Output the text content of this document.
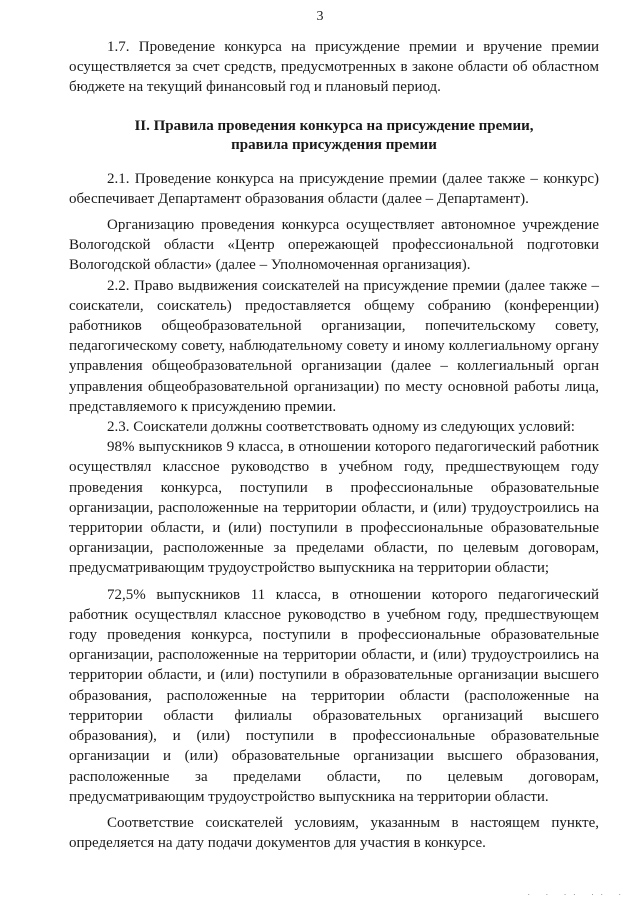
3

1.7. Проведение конкурса на присуждение премии и вручение премии осуществляется за счет средств, предусмотренных в законе области об областном бюджете на текущий финансовый год и плановый период.

II. Правила проведения конкурса на присуждение премии,
правила присуждения премии

2.1. Проведение конкурса на присуждение премии (далее также – конкурс) обеспечивает Департамент образования области (далее – Департамент).

Организацию проведения конкурса осуществляет автономное учреждение Вологодской области «Центр опережающей профессиональной подготовки Вологодской области» (далее – Уполномоченная организация).

2.2. Право выдвижения соискателей на присуждение премии (далее также – соискатели, соискатель) предоставляется общему собранию (конференции) работников общеобразовательной организации, попечительскому совету, педагогическому совету, наблюдательному совету и иному коллегиальному органу управления общеобразовательной организации (далее – коллегиальный орган управления общеобразовательной организации) по месту основной работы лица, представляемого к присуждению премии.

2.3. Соискатели должны соответствовать одному из следующих условий:

98% выпускников 9 класса, в отношении которого педагогический работник осуществлял классное руководство в учебном году, предшествующем году проведения конкурса, поступили в профессиональные образовательные организации, расположенные на территории области, и (или) трудоустроились на территории области, и (или) поступили в профессиональные образовательные организации, расположенные за пределами области, по целевым договорам, предусматривающим трудоустройство выпускника на территории области;

72,5% выпускников 11 класса, в отношении которого педагогический работник осуществлял классное руководство в учебном году, предшествующем году проведения конкурса, поступили в профессиональные образовательные организации, расположенные на территории области, и (или) трудоустроились на территории области, и (или) поступили в образовательные организации высшего образования, расположенные на территории области (расположенные на территории области филиалы образовательных организаций высшего образования), и (или) поступили в профессиональные образовательные организации и (или) образовательные организации высшего образования, расположенные за пределами области, по целевым договорам, предусматривающим трудоустройство выпускника на территории области.

Соответствие соискателей условиям, указанным в настоящем пункте, определяется на дату подачи документов для участия в конкурсе.

· · ·· ·· ·
